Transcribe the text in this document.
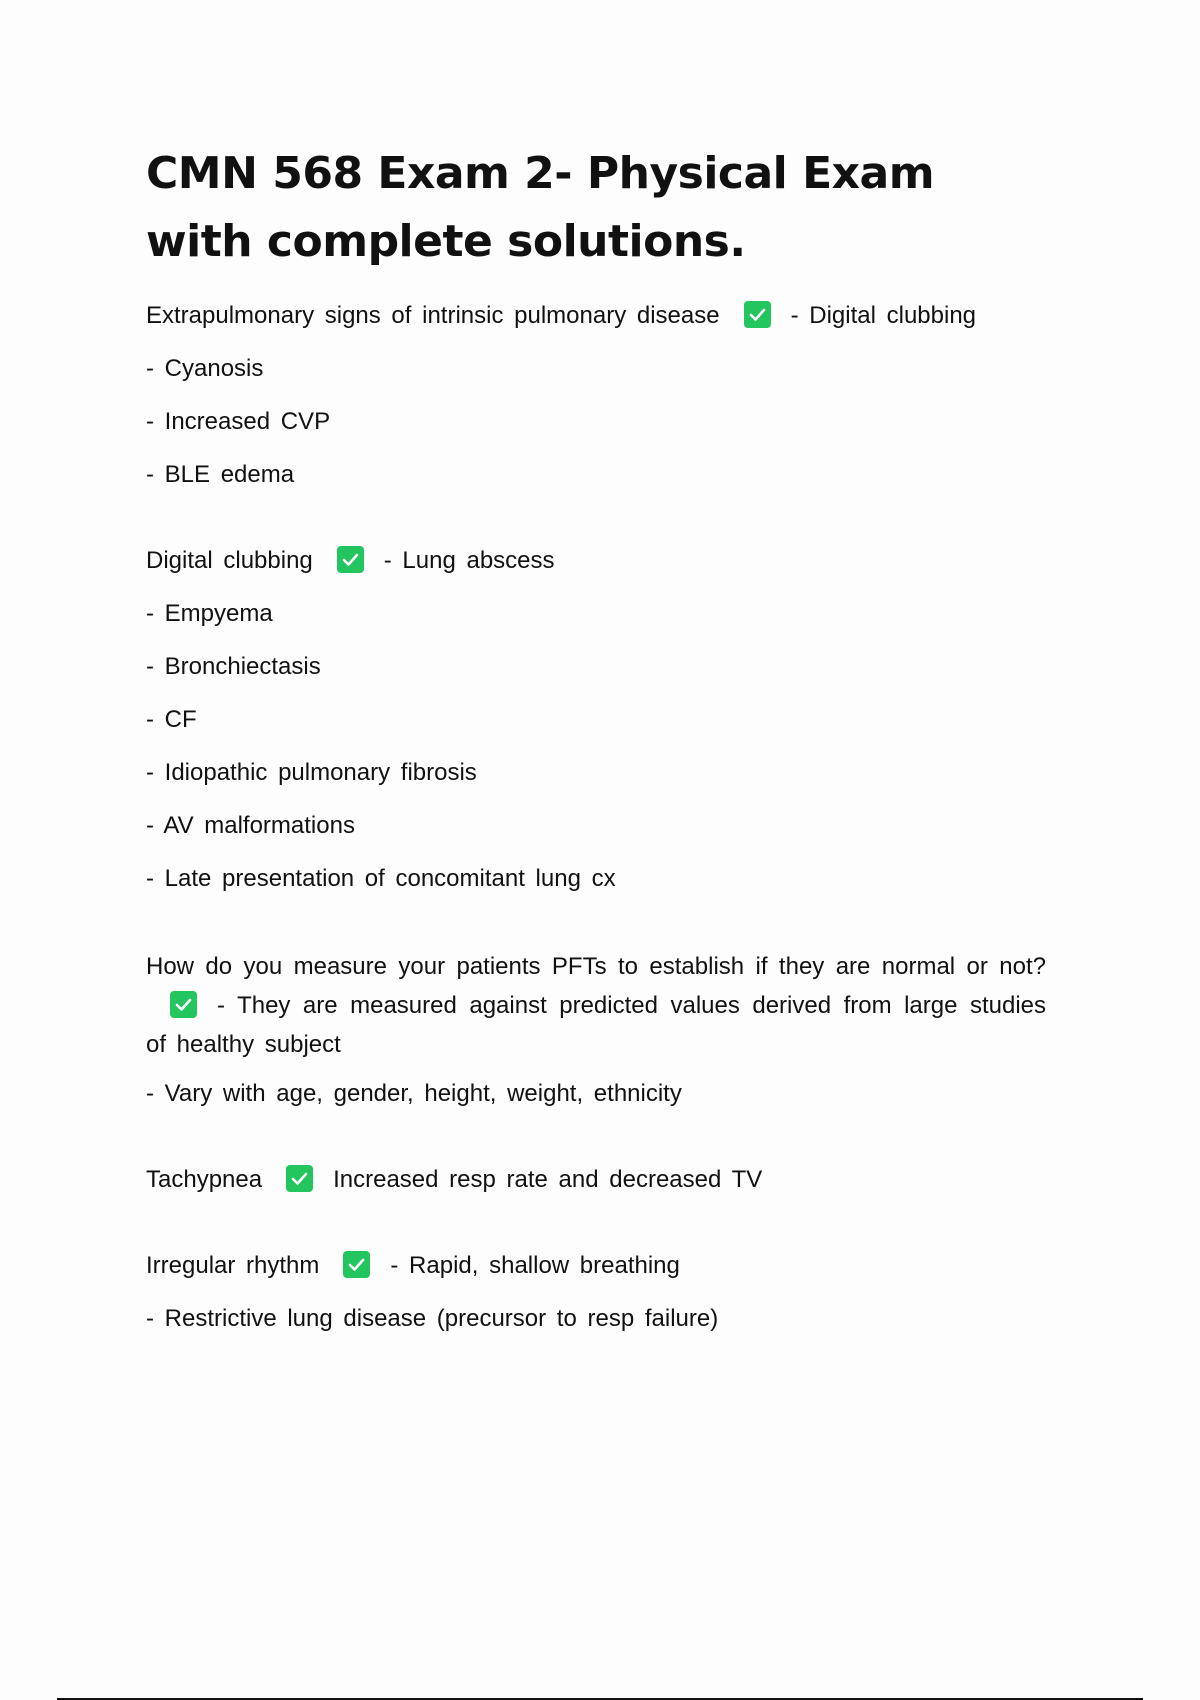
CMN 568 Exam 2- Physical Exam with complete solutions.
Extrapulmonary signs of intrinsic pulmonary disease	- Digital clubbing
- Cyanosis
- Increased CVP
- BLE edema
Digital clubbing	- Lung abscess
- Empyema
- Bronchiectasis
- CF
- Idiopathic pulmonary fibrosis
- AV malformations
- Late presentation of concomitant lung cx
How do you measure your patients PFTs to establish if they are normal or not?
- They are measured against predicted values derived from large studies of healthy subject
- Vary with age, gender, height, weight, ethnicity
Tachypnea	Increased resp rate and decreased TV
Irregular rhythm	- Rapid, shallow breathing
- Restrictive lung disease (precursor to resp failure)
